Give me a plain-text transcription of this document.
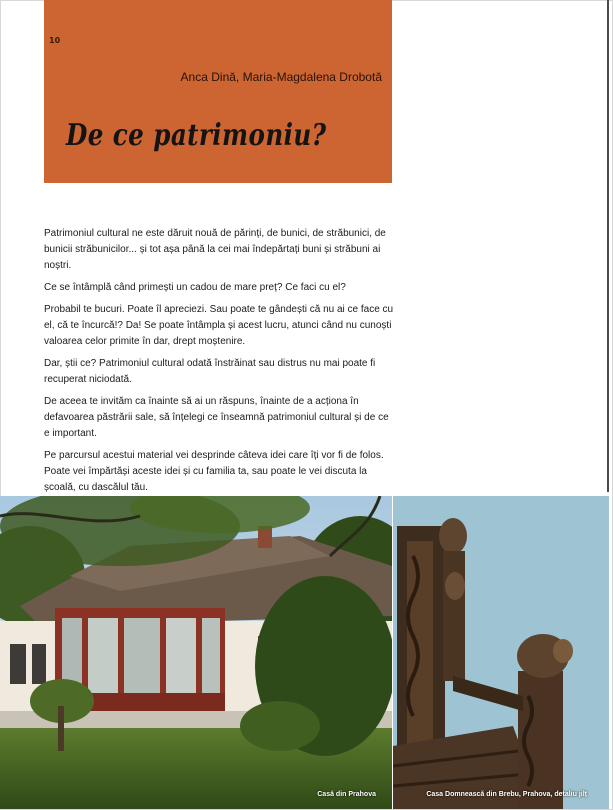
10
Anca Dină, Maria-Magdalena Drobotă
De ce patrimoniu?

Patrimoniul cultural ne este dăruit nouă de părinți, de bunici, de străbunici, de bunicii străbunicilor... și tot așa până la cei mai îndepărtați buni și străbuni ai noștri.

Ce se întâmplă când primești un cadou de mare preț? Ce faci cu el?

Probabil te bucuri. Poate îl apreciezi. Sau poate te gândești că nu ai ce face cu el, că te încurcă!? Da! Se poate întâmpla și acest lucru, atunci când nu cunoști valoarea celor primite în dar, drept moștenire.

Dar, știi ce? Patrimoniul cultural odată înstrăinat sau distrus nu mai poate fi recuperat niciodată.

De aceea te invităm ca înainte să ai un răspuns, înainte de a acționa în defavoarea păstrării sale, să înțelegi ce înseamnă patrimoniul cultural și de ce e important.

Pe parcursul acestui material vei desprinde câteva idei care îți vor fi de folos. Poate vei împărtăși aceste idei și cu familia ta, sau poate le vei discuta la școală, cu dascălul tău.

Casă din Prahova	Casa Domnească din Brebu, Prahova, detaliu jilț
